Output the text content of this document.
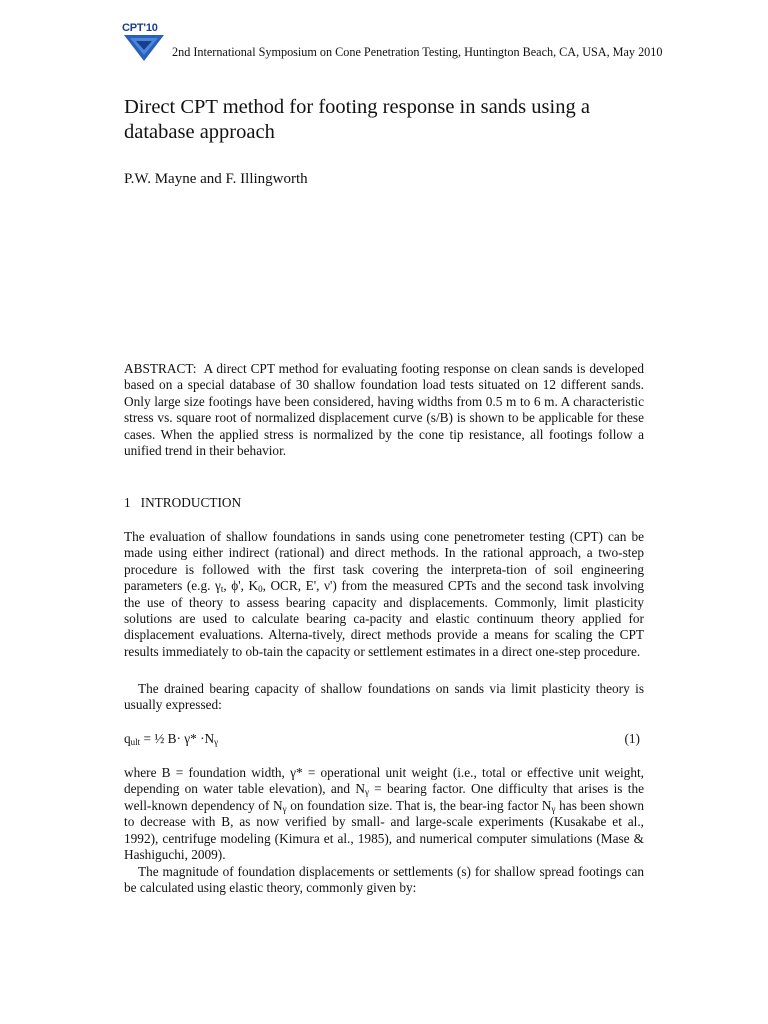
CPT'10
2nd International Symposium on Cone Penetration Testing, Huntington Beach, CA, USA, May 2010
Direct CPT method for footing response in sands using a database approach
P.W. Mayne and F. Illingworth

ABSTRACT: A direct CPT method for evaluating footing response on clean sands is developed based on a special database of 30 shallow foundation load tests situated on 12 different sands. Only large size footings have been considered, having widths from 0.5 m to 6 m. A characteristic stress vs. square root of normalized displacement curve (s/B) is shown to be applicable for these cases. When the applied stress is normalized by the cone tip resistance, all footings follow a unified trend in their behavior.

1 INTRODUCTION

The evaluation of shallow foundations in sands using cone penetrometer testing (CPT) can be made using either indirect (rational) and direct methods. In the rational approach, a two-step procedure is followed with the first task covering the interpreta-tion of soil engineering parameters (e.g. $\gamma_t$, ϕ', $K_0$, OCR, E', ν') from the measured CPTs and the second task involving the use of theory to assess bearing capacity and displacements. Commonly, limit plasticity solutions are used to calculate bearing ca-pacity and elastic continuum theory applied for displacement evaluations. Alterna-tively, direct methods provide a means for scaling the CPT results immediately to ob-tain the capacity or settlement estimates in a direct one-step procedure.

The drained bearing capacity of shallow foundations on sands via limit plasticity theory is usually expressed:

$q_{ult}$ = ½ $B\cdot \gamma* \cdot N_\gamma$	(1)

where B = foundation width, γ* = operational unit weight (i.e., total or effective unit weight, depending on water table elevation), and $N_\gamma$ = bearing factor. One difficulty that arises is the well-known dependency of $N_\gamma$ on foundation size. That is, the bear-ing factor $N_\gamma$ has been shown to decrease with B, as now verified by small- and large-scale experiments (Kusakabe et al., 1992), centrifuge modeling (Kimura et al., 1985), and numerical computer simulations (Mase & Hashiguchi, 2009).

The magnitude of foundation displacements or settlements (s) for shallow spread footings can be calculated using elastic theory, commonly given by:
